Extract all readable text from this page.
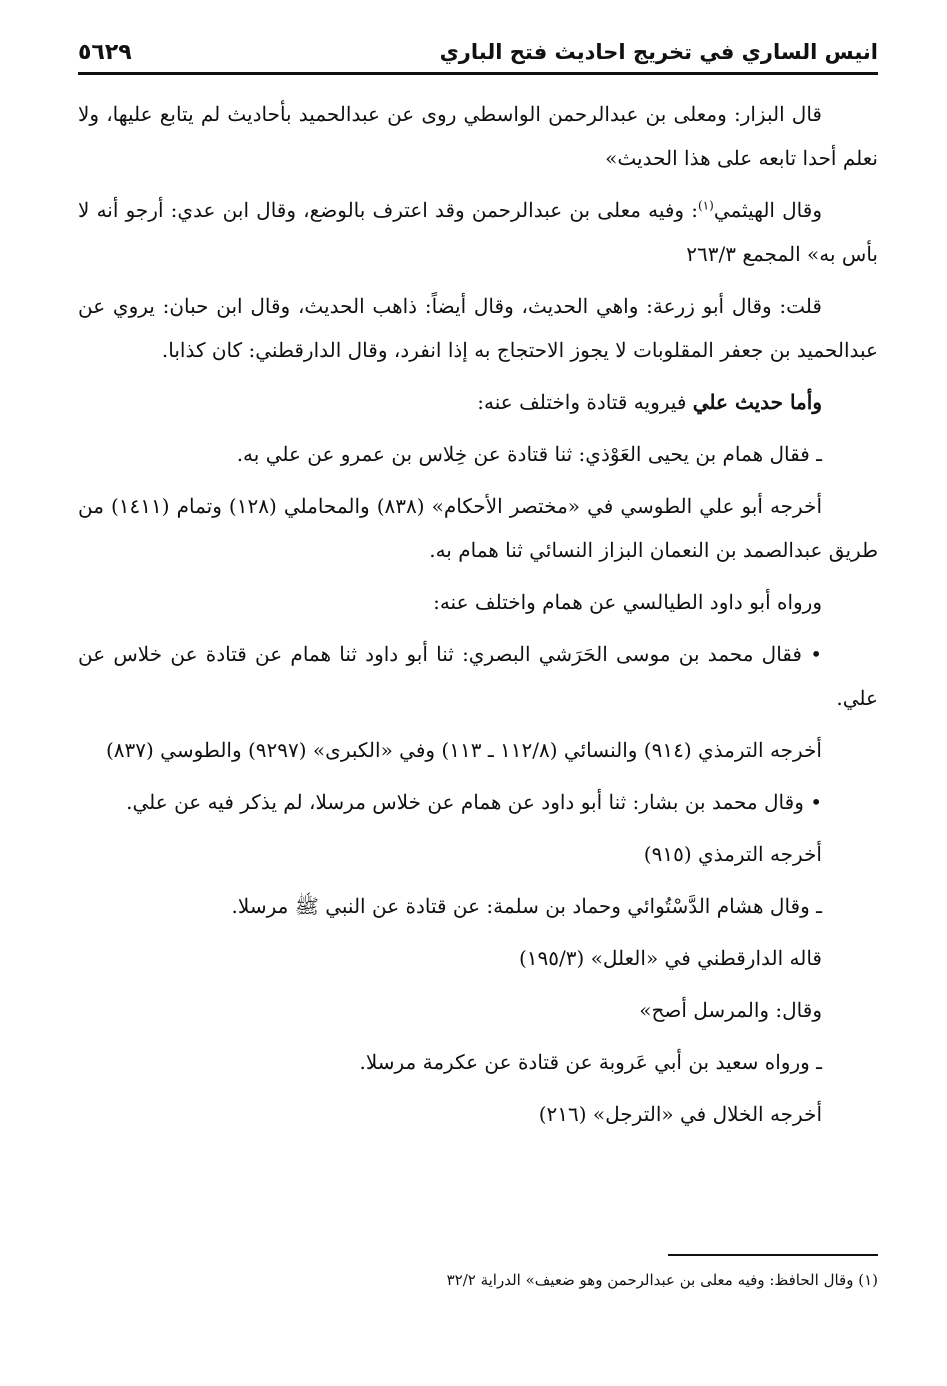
انيس الساري في تخريج احاديث فتح الباري
٥٦٢٩

قال البزار: ومعلى بن عبدالرحمن الواسطي روى عن عبدالحميد بأحاديث لم يتابع عليها، ولا نعلم أحدا تابعه على هذا الحديث»

وقال الهيثمي$^{(١)}$: وفيه معلى بن عبدالرحمن وقد اعترف بالوضع، وقال ابن عدي: أرجو أنه لا بأس به» المجمع ٢٦٣/٣

قلت: وقال أبو زرعة: واهي الحديث، وقال أيضاً: ذاهب الحديث، وقال ابن حبان: يروي عن عبدالحميد بن جعفر المقلوبات لا يجوز الاحتجاج به إذا انفرد، وقال الدارقطني: كان كذابا.

وأما حديث علي فيرويه قتادة واختلف عنه:

ـ فقال همام بن يحيى العَوْذي: ثنا قتادة عن خِلاس بن عمرو عن علي به.

أخرجه أبو علي الطوسي في «مختصر الأحكام» (٨٣٨) والمحاملي (١٢٨) وتمام (١٤١١) من طريق عبدالصمد بن النعمان البزاز النسائي ثنا همام به.

ورواه أبو داود الطيالسي عن همام واختلف عنه:

• فقال محمد بن موسى الحَرَشي البصري: ثنا أبو داود ثنا همام عن قتادة عن خلاس عن علي.

أخرجه الترمذي (٩١٤) والنسائي (١١٢/٨ ـ ١١٣) وفي «الكبرى» (٩٢٩٧) والطوسي (٨٣٧)

• وقال محمد بن بشار: ثنا أبو داود عن همام عن خلاس مرسلا، لم يذكر فيه عن علي.

أخرجه الترمذي (٩١٥)

ـ وقال هشام الدَّسْتُوائي وحماد بن سلمة: عن قتادة عن النبي ﷺ مرسلا.

قاله الدارقطني في «العلل» (١٩٥/٣)

وقال: والمرسل أصح»

ـ ورواه سعيد بن أبي عَروبة عن قتادة عن عكرمة مرسلا.

أخرجه الخلال في «الترجل» (٢١٦)

(١) وقال الحافظ: وفيه معلى بن عبدالرحمن وهو ضعيف» الدراية ٣٢/٢
